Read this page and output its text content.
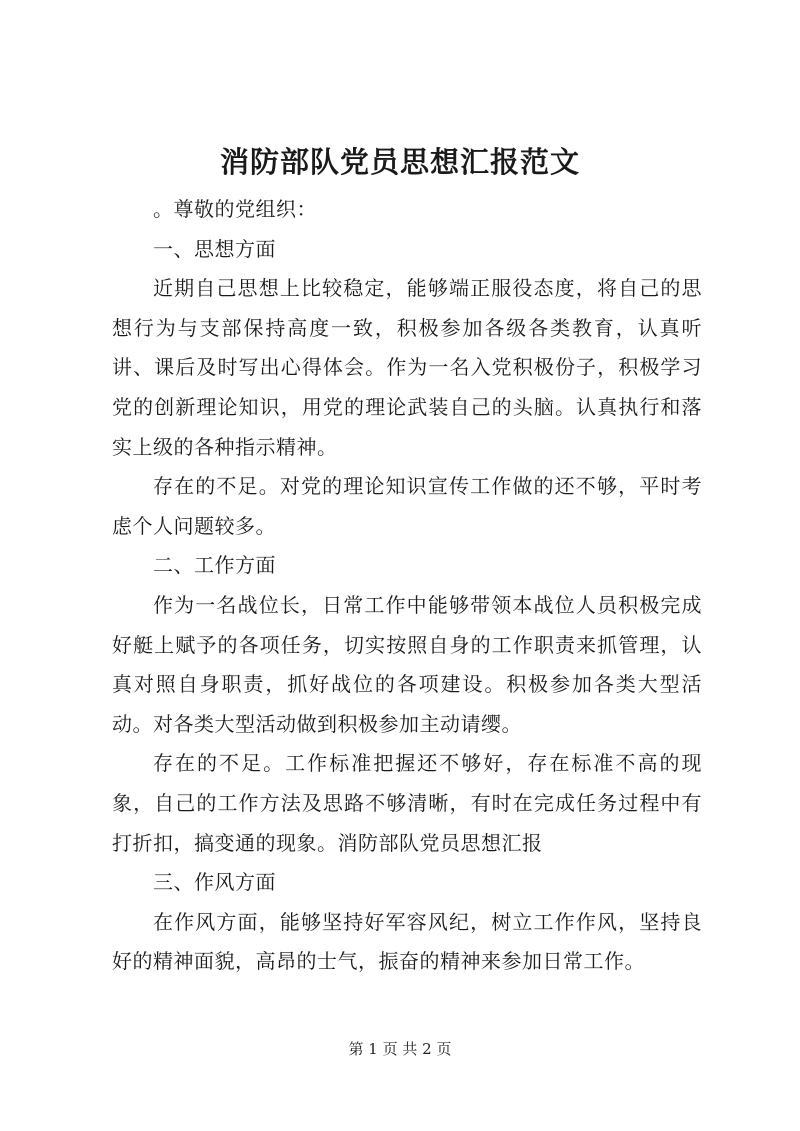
消防部队党员思想汇报范文

。尊敬的党组织：

一、思想方面

近期自己思想上比较稳定，能够端正服役态度，将自己的思想行为与支部保持高度一致，积极参加各级各类教育，认真听讲、课后及时写出心得体会。作为一名入党积极份子，积极学习党的创新理论知识，用党的理论武装自己的头脑。认真执行和落实上级的各种指示精神。

存在的不足。对党的理论知识宣传工作做的还不够，平时考虑个人问题较多。

二、工作方面

作为一名战位长，日常工作中能够带领本战位人员积极完成好艇上赋予的各项任务，切实按照自身的工作职责来抓管理，认真对照自身职责，抓好战位的各项建设。积极参加各类大型活动。对各类大型活动做到积极参加主动请缨。

存在的不足。工作标准把握还不够好，存在标准不高的现象，自己的工作方法及思路不够清晰，有时在完成任务过程中有打折扣，搞变通的现象。消防部队党员思想汇报

三、作风方面

在作风方面，能够坚持好军容风纪，树立工作作风，坚持良好的精神面貌，高昂的士气，振奋的精神来参加日常工作。

第 1 页 共 2 页
